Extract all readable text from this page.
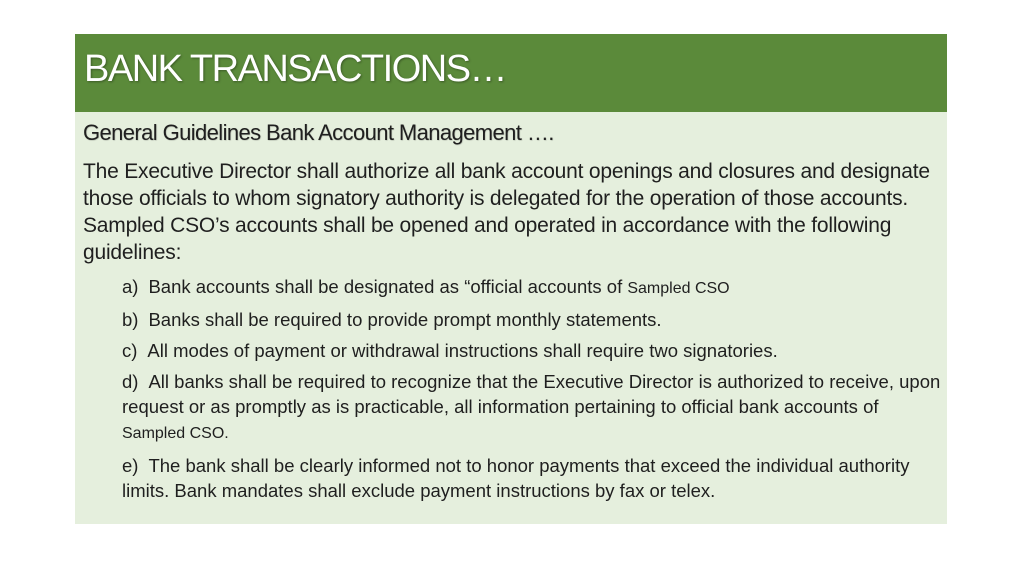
BANK TRANSACTIONS…
General Guidelines Bank Account Management ….
The Executive Director shall authorize all bank account openings and closures and designate those officials to whom signatory authority is delegated for the operation of those accounts. Sampled CSO’s accounts shall be opened and operated in accordance with the following guidelines:
a) Bank accounts shall be designated as “official accounts of Sampled CSO
b) Banks shall be required to provide prompt monthly statements.
c) All modes of payment or withdrawal instructions shall require two signatories.
d) All banks shall be required to recognize that the Executive Director is authorized to receive, upon request or as promptly as is practicable, all information pertaining to official bank accounts of Sampled CSO.
e) The bank shall be clearly informed not to honor payments that exceed the individual authority limits. Bank mandates shall exclude payment instructions by fax or telex.
